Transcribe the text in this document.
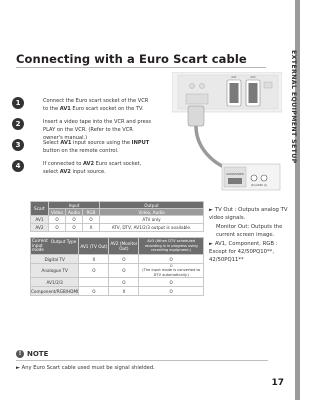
EXTERNAL EQUIPMENT SETUP
Connecting with a Euro Scart cable
1	Connect the Euro scart socket of the VCR to the AV1 Euro scart socket on the TV.
2	Insert a video tape into the VCR and press PLAY on the VCR. (Refer to the VCR owner's manual.)
3	Select AV1 input source using the INPUT button on the remote control.
4	If connected to AV2 Euro scart socket, select AV2 input source.
AV1	AV2
AUDIO/VIDEO
(R) AUDIO (L)
Scart	Input			Output
	Video	Audio	RGB	Video, Audio
AV1	O	O	O	ATV only
AV2	O	O	X	ATV, DTV, AV1/2/3 output is available.
Output Type
Current input mode	AV1 (TV Out)	AV2 (Monitor Out)	AV3 (When DTV scheduled recording is in progress using recording equipment.)
Digital TV	X	O	O
Analogue TV	O	O	O
(The input mode is converted to DTV automatically.)

AV1/2/3		O	O
Component/RGB/HDMI	O	X	O
► TV Out : Outputs analog TV video signals.
Monitor Out: Outputs the current screen image.
► AV1, Component, RGB : Except for 42/50PQ10**, 42/50PQ11**
! NOTE
► Any Euro Scart cable used must be signal shielded.
17
